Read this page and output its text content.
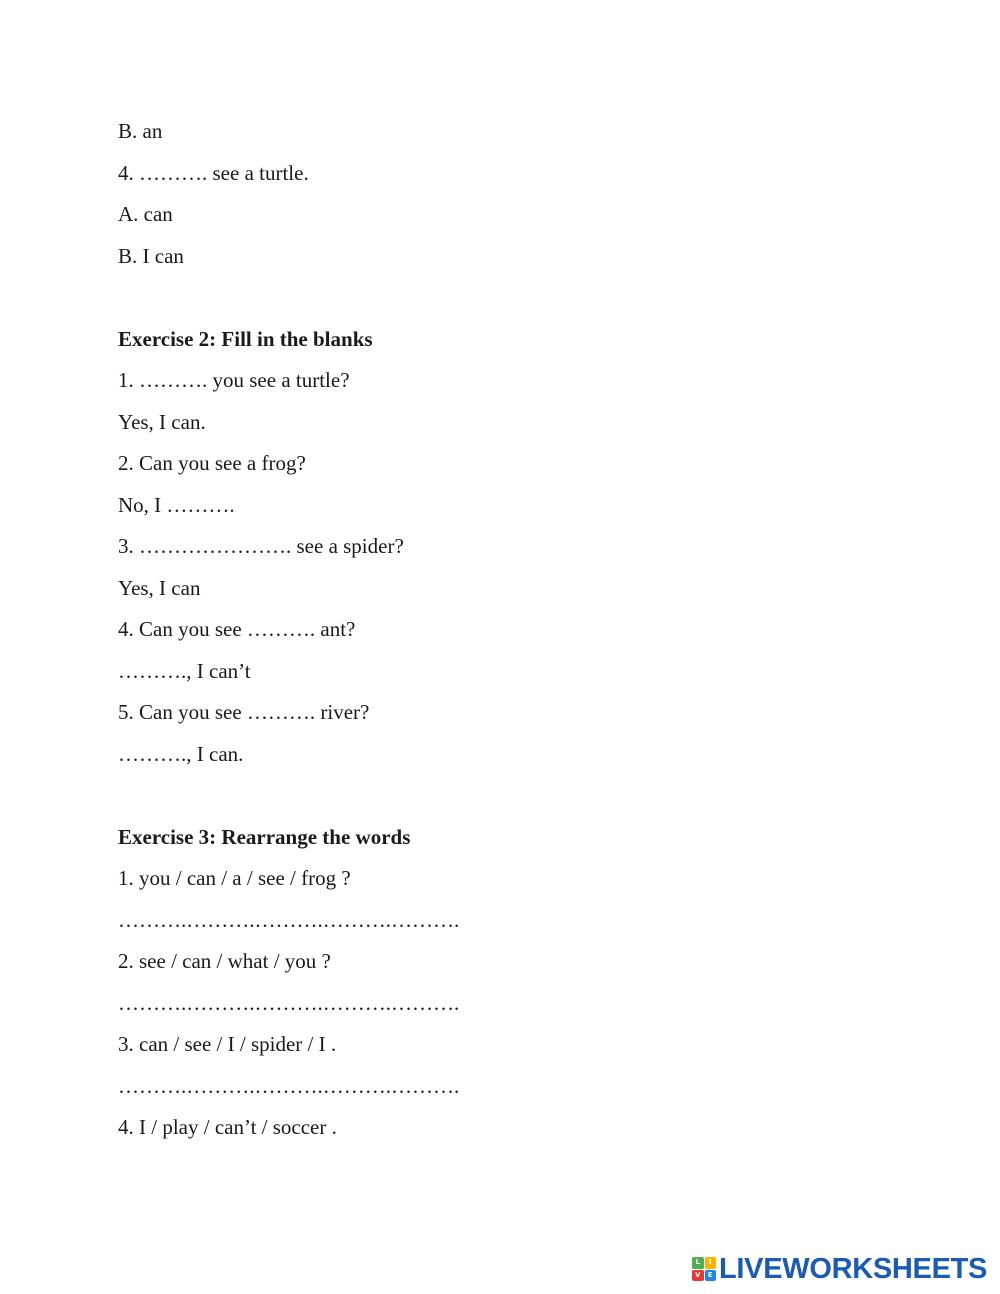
B. an
4. ………. see a turtle.
A. can
B. I can
Exercise 2: Fill in the blanks
1. ………. you see a turtle?
Yes, I can.
2. Can you see a frog?
No, I ……….
3. …………………. see a spider?
Yes, I can
4. Can you see ………. ant?
………., I can’t
5. Can you see ………. river?
………., I can.
Exercise 3: Rearrange the words
1. you / can / a / see / frog ?
……….……….……….……….……….
2. see / can / what / you ?
……….……….……….……….……….
3. can / see / I / spider / I .
……….……….……….……….……….
4. I / play / can’t / soccer .
L	I
V	E LIVEWORKSHEETS
